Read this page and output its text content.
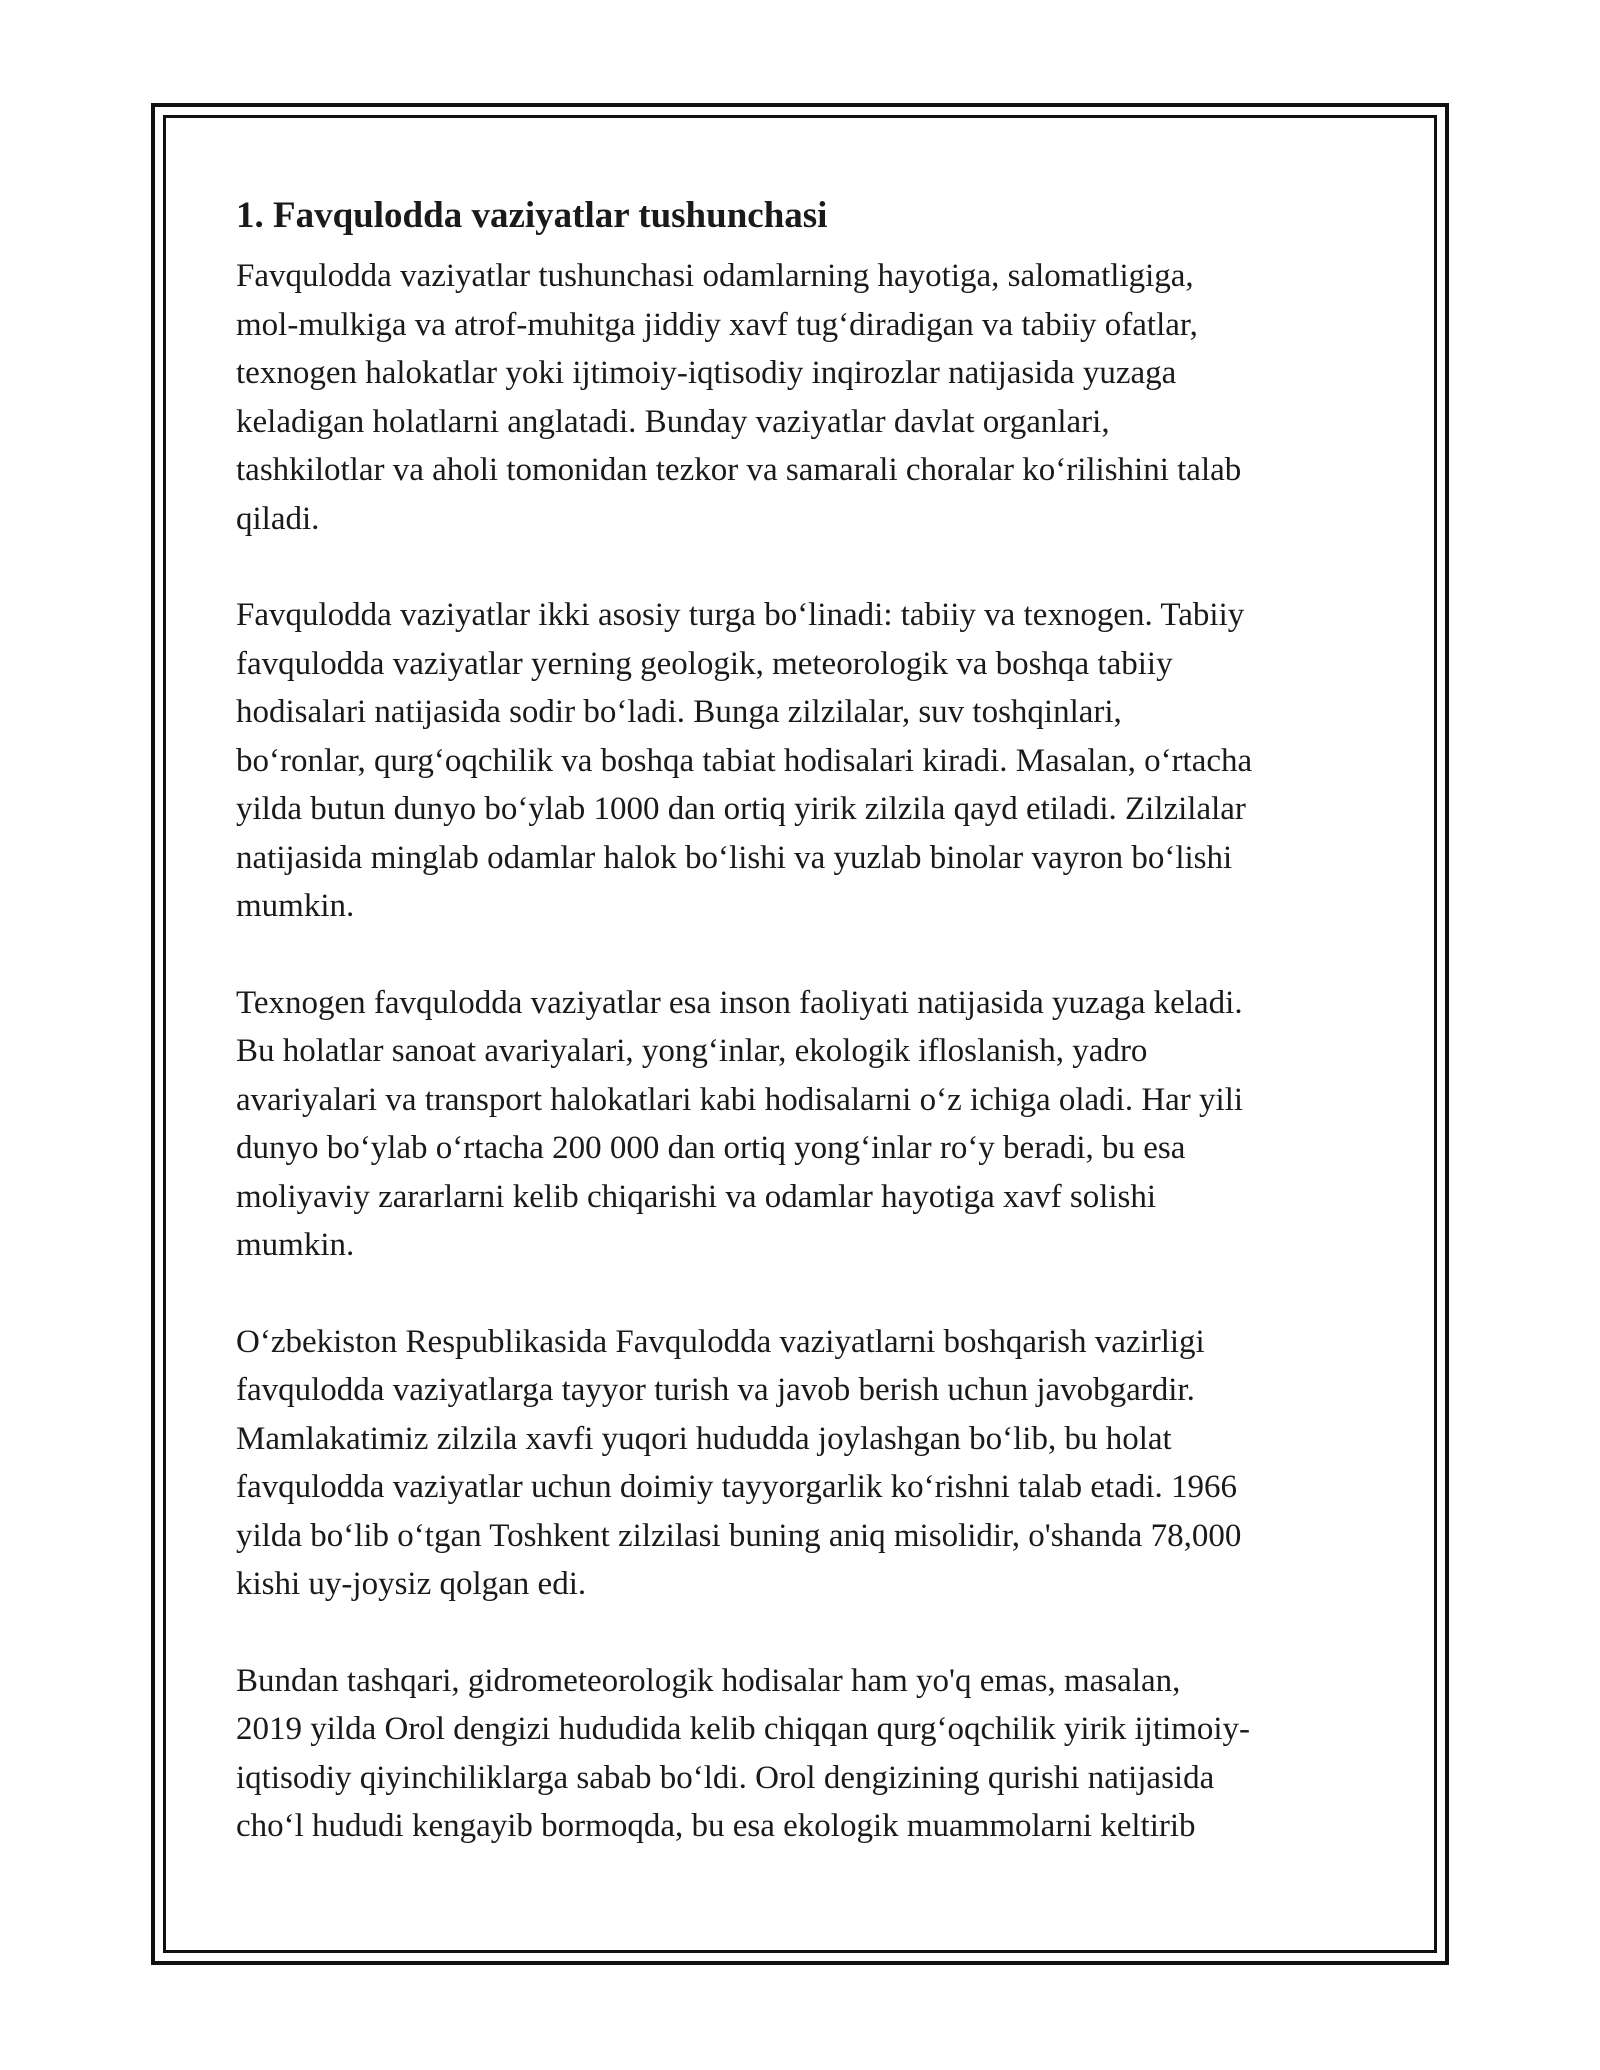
1. Favqulodda vaziyatlar tushunchasi
Favqulodda vaziyatlar tushunchasi odamlarning hayotiga, salomatligiga,
mol-mulkiga va atrof-muhitga jiddiy xavf tug‘diradigan va tabiiy ofatlar,
texnogen halokatlar yoki ijtimoiy-iqtisodiy inqirozlar natijasida yuzaga
keladigan holatlarni anglatadi. Bunday vaziyatlar davlat organlari,
tashkilotlar va aholi tomonidan tezkor va samarali choralar ko‘rilishini talab
qiladi.
Favqulodda vaziyatlar ikki asosiy turga bo‘linadi: tabiiy va texnogen. Tabiiy
favqulodda vaziyatlar yerning geologik, meteorologik va boshqa tabiiy
hodisalari natijasida sodir bo‘ladi. Bunga zilzilalar, suv toshqinlari,
bo‘ronlar, qurg‘oqchilik va boshqa tabiat hodisalari kiradi. Masalan, o‘rtacha
yilda butun dunyo bo‘ylab 1000 dan ortiq yirik zilzila qayd etiladi. Zilzilalar
natijasida minglab odamlar halok bo‘lishi va yuzlab binolar vayron bo‘lishi
mumkin.
Texnogen favqulodda vaziyatlar esa inson faoliyati natijasida yuzaga keladi.
Bu holatlar sanoat avariyalari, yong‘inlar, ekologik ifloslanish, yadro
avariyalari va transport halokatlari kabi hodisalarni o‘z ichiga oladi. Har yili
dunyo bo‘ylab o‘rtacha 200 000 dan ortiq yong‘inlar ro‘y beradi, bu esa
moliyaviy zararlarni kelib chiqarishi va odamlar hayotiga xavf solishi
mumkin.
O‘zbekiston Respublikasida Favqulodda vaziyatlarni boshqarish vazirligi
favqulodda vaziyatlarga tayyor turish va javob berish uchun javobgardir.
Mamlakatimiz zilzila xavfi yuqori hududda joylashgan bo‘lib, bu holat
favqulodda vaziyatlar uchun doimiy tayyorgarlik ko‘rishni talab etadi. 1966
yilda bo‘lib o‘tgan Toshkent zilzilasi buning aniq misolidir, o'shanda 78,000
kishi uy-joysiz qolgan edi.
Bundan tashqari, gidrometeorologik hodisalar ham yo'q emas, masalan,
2019 yilda Orol dengizi hududida kelib chiqqan qurg‘oqchilik yirik ijtimoiy-
iqtisodiy qiyinchiliklarga sabab bo‘ldi. Orol dengizining qurishi natijasida
cho‘l hududi kengayib bormoqda, bu esa ekologik muammolarni keltirib
